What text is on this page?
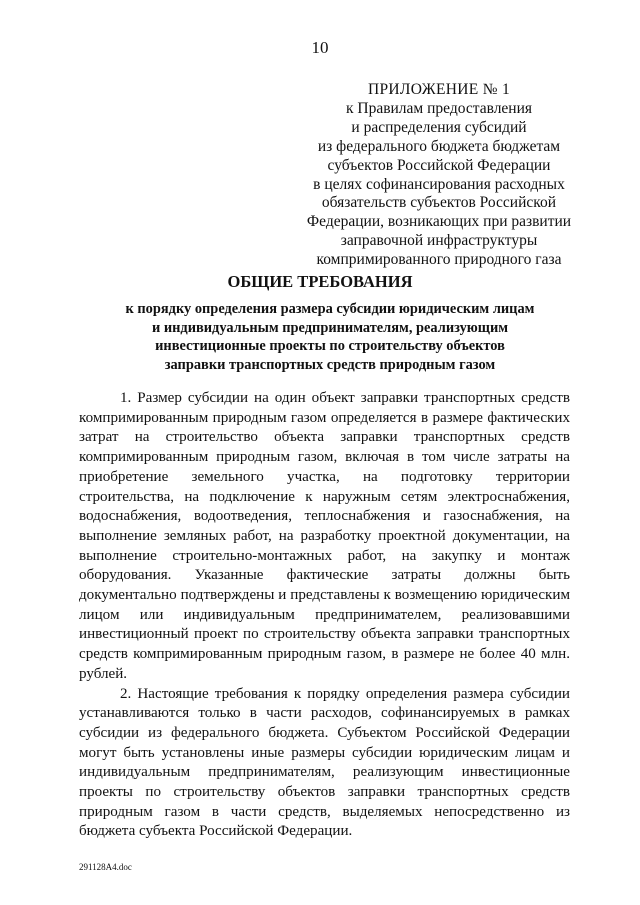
10
ПРИЛОЖЕНИЕ № 1
к Правилам предоставления
и распределения субсидий
из федерального бюджета бюджетам
субъектов Российской Федерации
в целях софинансирования расходных
обязательств субъектов Российской
Федерации, возникающих при развитии
заправочной инфраструктуры
компримированного природного газа
ОБЩИЕ ТРЕБОВАНИЯ
к порядку определения размера субсидии юридическим лицам
и индивидуальным предпринимателям, реализующим
инвестиционные проекты по строительству объектов
заправки транспортных средств природным газом

1. Размер субсидии на один объект заправки транспортных средств компримированным природным газом определяется в размере фактических затрат на строительство объекта заправки транспортных средств компримированным природным газом, включая в том числе затраты на приобретение земельного участка, на подготовку территории строительства, на подключение к наружным сетям электроснабжения, водоснабжения, водоотведения, теплоснабжения и газоснабжения, на выполнение земляных работ, на разработку проектной документации, на выполнение строительно-монтажных работ, на закупку и монтаж оборудования. Указанные фактические затраты должны быть документально подтверждены и представлены к возмещению юридическим лицом или индивидуальным предпринимателем, реализовавшими инвестиционный проект по строительству объекта заправки транспортных средств компримированным природным газом, в размере не более 40 млн. рублей.

2. Настоящие требования к порядку определения размера субсидии устанавливаются только в части расходов, софинансируемых в рамках субсидии из федерального бюджета. Субъектом Российской Федерации могут быть установлены иные размеры субсидии юридическим лицам и индивидуальным предпринимателям, реализующим инвестиционные проекты по строительству объектов заправки транспортных средств природным газом в части средств, выделяемых непосредственно из бюджета субъекта Российской Федерации.

291128A4.doc
